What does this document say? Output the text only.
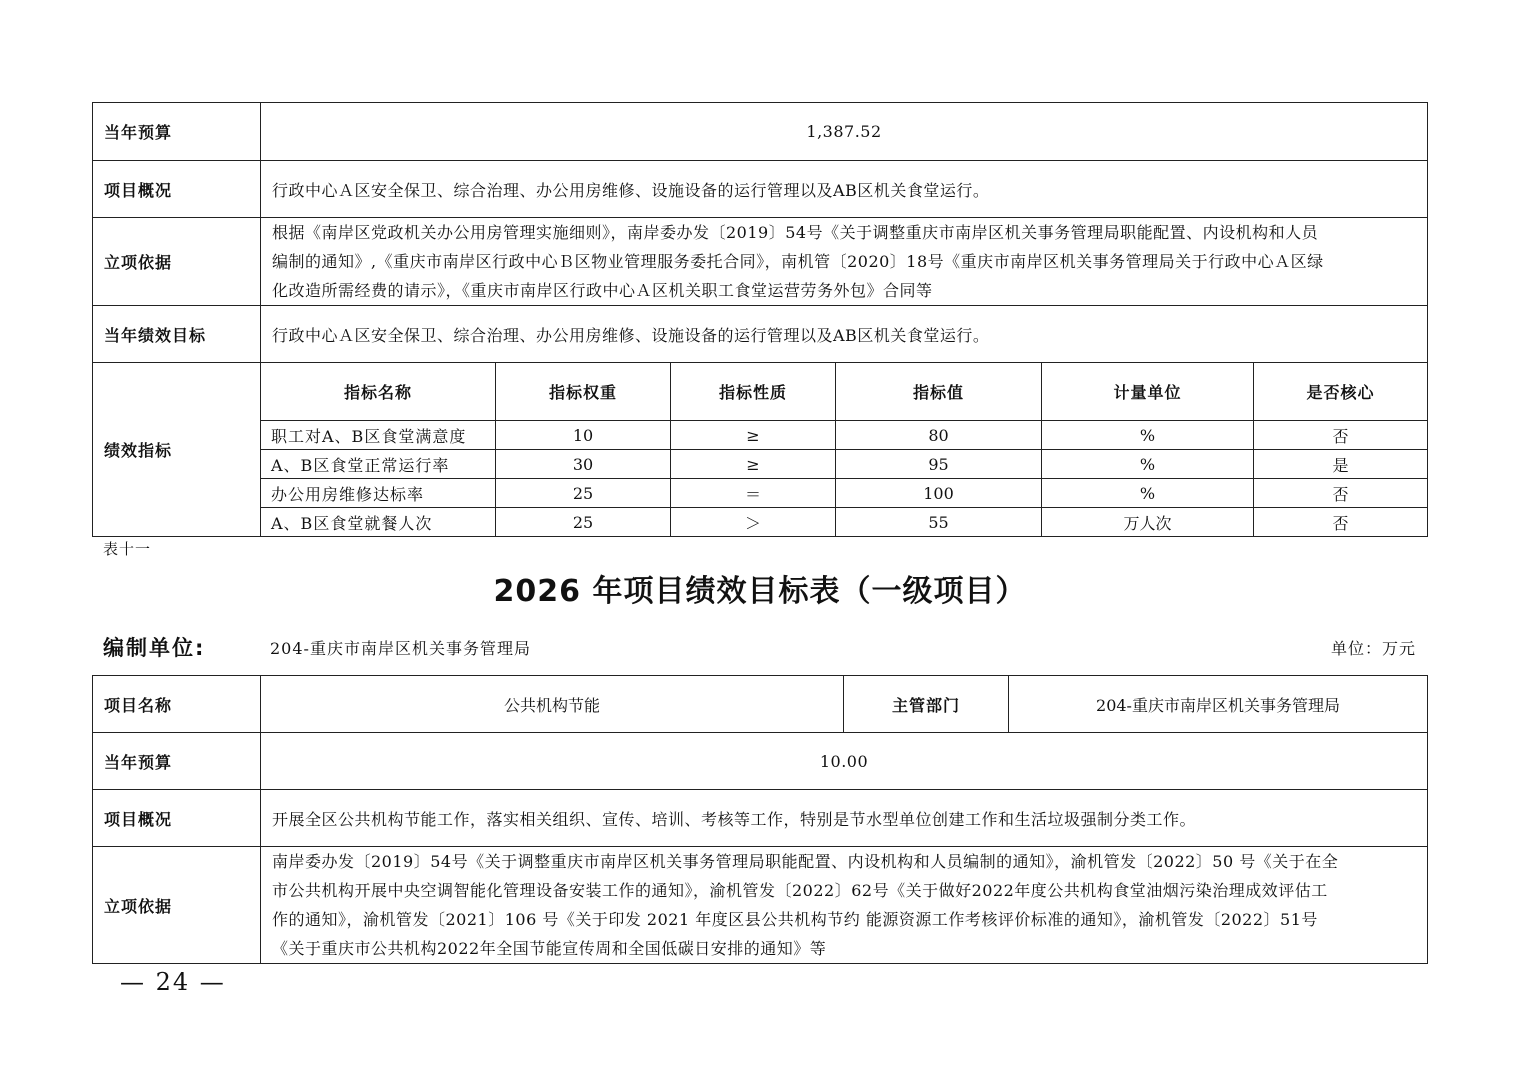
当年预算	1,387.52					
项目概况	行政中心Ａ区安全保卫、综合治理、办公用房维修、设施设备的运行管理以及AB区机关食堂运行。					
立项依据	根据《南岸区党政机关办公用房管理实施细则》，南岸委办发〔2019〕54号《关于调整重庆市南岸区机关事务管理局职能配置、内设机构和人员
编制的通知》,《重庆市南岸区行政中心Ｂ区物业管理服务委托合同》，南机管〔2020〕18号《重庆市南岸区机关事务管理局关于行政中心Ａ区绿
化改造所需经费的请示》，《重庆市南岸区行政中心Ａ区机关职工食堂运营劳务外包》合同等					

当年绩效目标	行政中心Ａ区安全保卫、综合治理、办公用房维修、设施设备的运行管理以及AB区机关食堂运行。					
绩效指标	指标名称	指标权重	指标性质	指标值	计量单位	是否核心
	职工对A、B区食堂满意度	10	≥	80	%	否
	A、B区食堂正常运行率	30	≥	95	%	是
	办公用房维修达标率	25	＝	100	%	否
	A、B区食堂就餐人次	25	＞	55	万人次	否
表十一
2026 年项目绩效目标表（一级项目）
编制单位:	204-重庆市南岸区机关事务管理局	单位：万元
项目名称	公共机构节能	主管部门	204-重庆市南岸区机关事务管理局
当年预算	10.00		
项目概况	开展全区公共机构节能工作，落实相关组织、宣传、培训、考核等工作，特别是节水型单位创建工作和生活垃圾强制分类工作。		
立项依据	南岸委办发〔2019〕54号《关于调整重庆市南岸区机关事务管理局职能配置、内设机构和人员编制的通知》，渝机管发〔2022〕50 号《关于在全
市公共机构开展中央空调智能化管理设备安装工作的通知》，渝机管发〔2022〕62号《关于做好2022年度公共机构食堂油烟污染治理成效评估工
作的通知》，渝机管发〔2021〕106 号《关于印发 2021 年度区县公共机构节约 能源资源工作考核评价标准的通知》，渝机管发〔2022〕51号
《关于重庆市公共机构2022年全国节能宣传周和全国低碳日安排的通知》等		
— 24 —
